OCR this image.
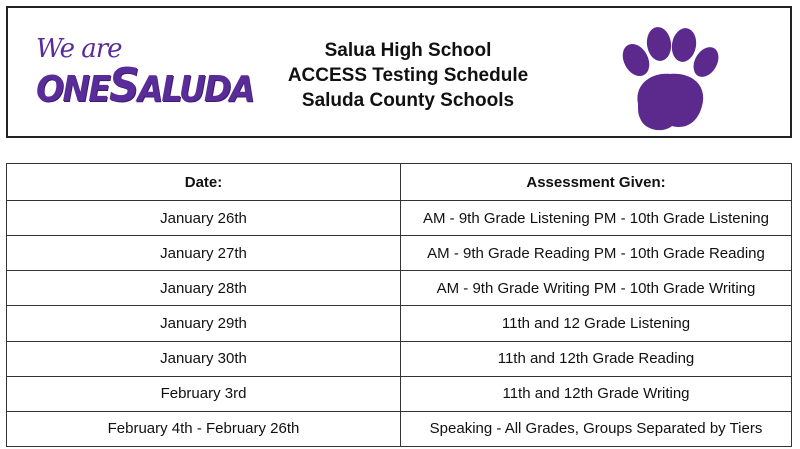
We are
ONESALUDA
Salua High School
ACCESS Testing Schedule
Saluda County Schools
Date:	Assessment Given:
January 26th	AM - 9th Grade Listening PM - 10th Grade Listening
January 27th	AM - 9th Grade Reading PM - 10th Grade Reading
January 28th	AM - 9th Grade Writing PM - 10th Grade Writing
January 29th	11th and 12 Grade Listening
January 30th	11th and 12th Grade Reading
February 3rd	11th and 12th Grade Writing
February 4th - February 26th	Speaking - All Grades, Groups Separated by Tiers
